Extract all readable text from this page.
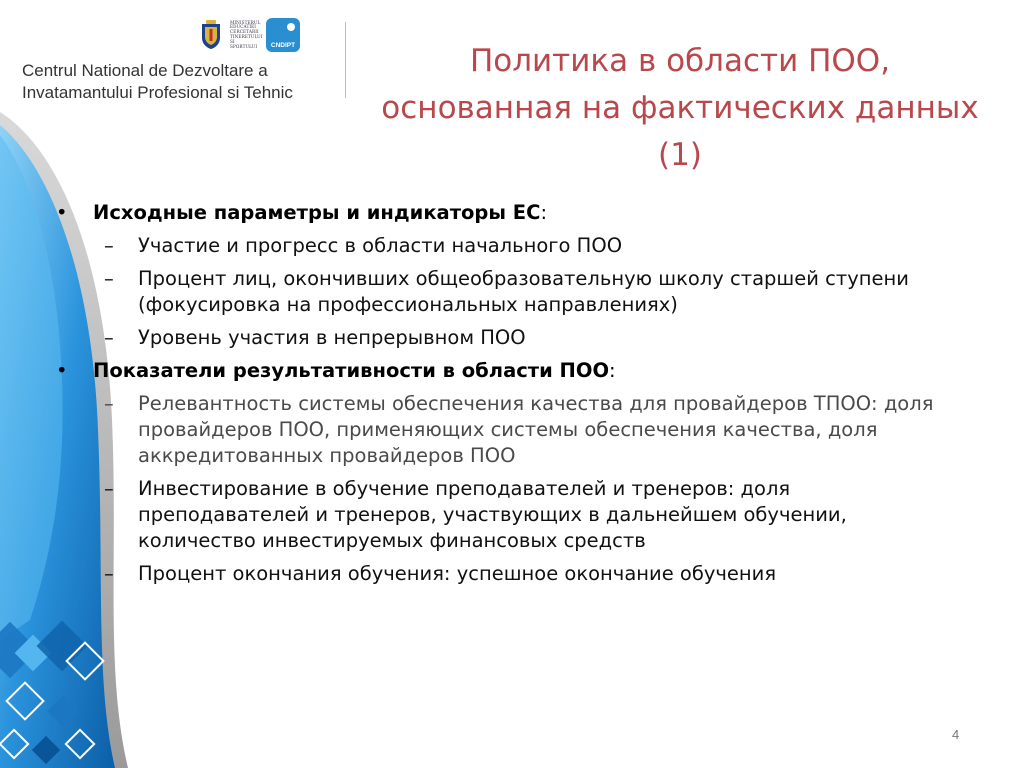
MINISTERUL
EDUCATIEI
CERCETARII
TINERETULUI
SI SPORTULUI	CNDIPT
Centrul National de Dezvoltare a
Invatamantului Profesional si Tehnic
Политика в области ПОО,
основанная на фактических данных
(1)
• Исходные параметры и индикаторы ЕС:
– Участие и прогресс в области начального ПОО
– Процент лиц, окончивших общеобразовательную школу старшей ступени (фокусировка на профессиональных направлениях)
– Уровень участия в непрерывном ПОО
• Показатели результативности в области ПОО:
– Релевантность системы обеспечения качества для провайдеров ТПОО: доля провайдеров ПОО, применяющих системы обеспечения качества, доля аккредитованных провайдеров ПОО
– Инвестирование в обучение преподавателей и тренеров: доля преподавателей и тренеров, участвующих в дальнейшем обучении, количество инвестируемых финансовых средств
– Процент окончания обучения: успешное окончание обучения
4
